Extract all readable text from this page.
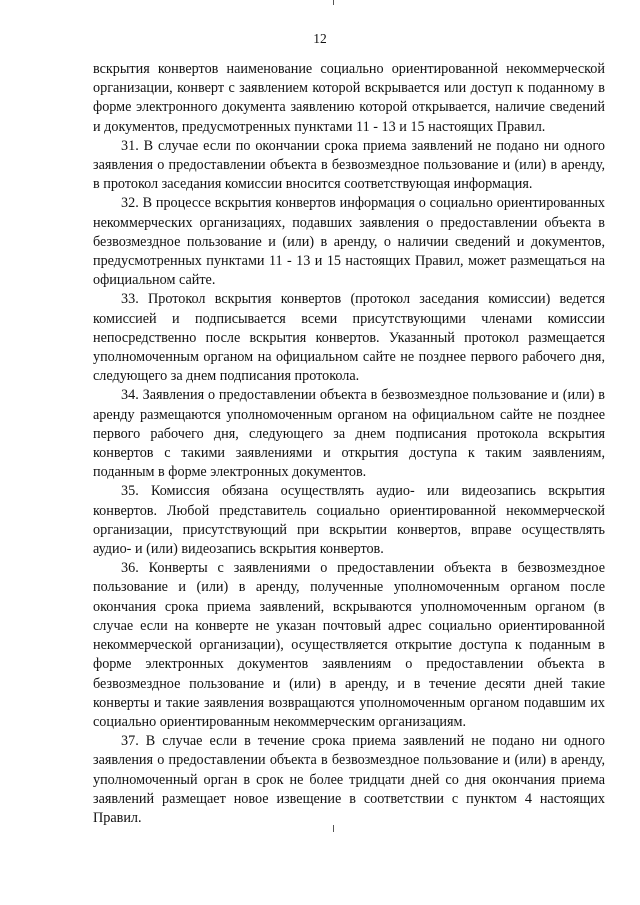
12

вскрытия конвертов наименование социально ориентированной некоммерческой организации, конверт с заявлением которой вскрывается или доступ к поданному в форме электронного документа заявлению которой открывается, наличие сведений и документов, предусмотренных пунктами 11 - 13 и 15 настоящих Правил.

31. В случае если по окончании срока приема заявлений не подано ни одного заявления о предоставлении объекта в безвозмездное пользование и (или) в аренду, в протокол заседания комиссии вносится соответствующая информация.

32. В процессе вскрытия конвертов информация о социально ориентированных некоммерческих организациях, подавших заявления о предоставлении объекта в безвозмездное пользование и (или) в аренду, о наличии сведений и документов, предусмотренных пунктами 11 - 13 и 15 настоящих Правил, может размещаться на официальном сайте.

33. Протокол вскрытия конвертов (протокол заседания комиссии) ведется комиссией и подписывается всеми присутствующими членами комиссии непосредственно после вскрытия конвертов. Указанный протокол размещается уполномоченным органом на официальном сайте не позднее первого рабочего дня, следующего за днем подписания протокола.

34. Заявления о предоставлении объекта в безвозмездное пользование и (или) в аренду размещаются уполномоченным органом на официальном сайте не позднее первого рабочего дня, следующего за днем подписания протокола вскрытия конвертов с такими заявлениями и открытия доступа к таким заявлениям, поданным в форме электронных документов.

35. Комиссия обязана осуществлять аудио- или видеозапись вскрытия конвертов. Любой представитель социально ориентированной некоммерческой организации, присутствующий при вскрытии конвертов, вправе осуществлять аудио- и (или) видеозапись вскрытия конвертов.

36. Конверты с заявлениями о предоставлении объекта в безвозмездное пользование и (или) в аренду, полученные уполномоченным органом после окончания срока приема заявлений, вскрываются уполномоченным органом (в случае если на конверте не указан почтовый адрес социально ориентированной некоммерческой организации), осуществляется открытие доступа к поданным в форме электронных документов заявлениям о предоставлении объекта в безвозмездное пользование и (или) в аренду, и в течение десяти дней такие конверты и такие заявления возвращаются уполномоченным органом подавшим их социально ориентированным некоммерческим организациям.

37. В случае если в течение срока приема заявлений не подано ни одного заявления о предоставлении объекта в безвозмездное пользование и (или) в аренду, уполномоченный орган в срок не более тридцати дней со дня окончания приема заявлений размещает новое извещение в соответствии с пунктом 4 настоящих Правил.
